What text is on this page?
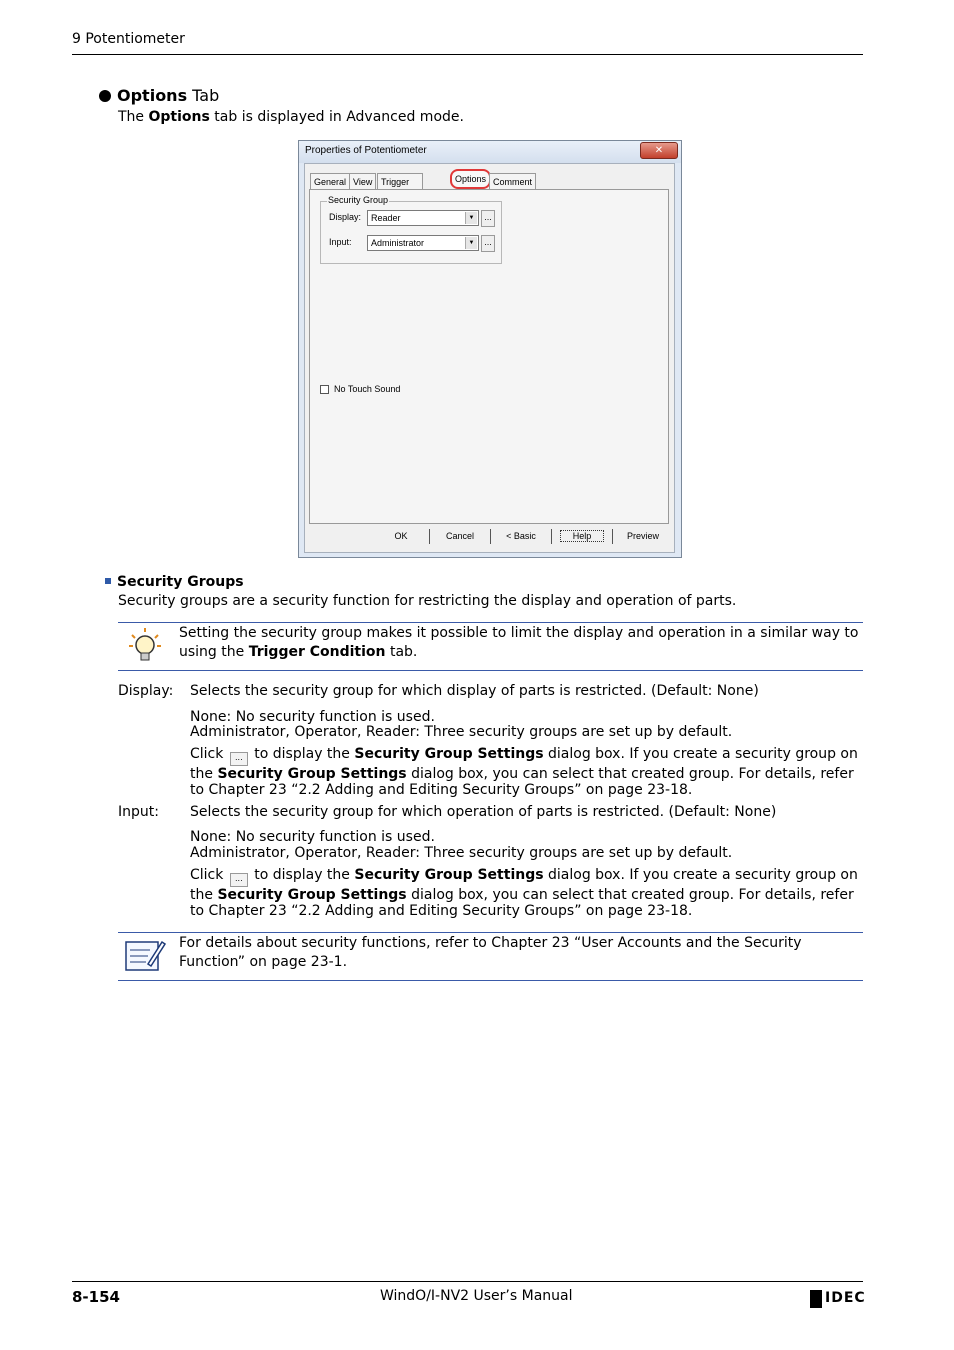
9 Potentiometer
Options Tab
The Options tab is displayed in Advanced mode.
Properties of Potentiometer	✕
General View Trigger	Options Comment
Security Group
Display:	Reader	▼	...
Input:	Administrator	▼	...
No Touch Sound
OK	Cancel	< Basic	Help	Preview
Security Groups
Security groups are a security function for restricting the display and operation of parts.
Setting the security group makes it possible to limit the display and operation in a similar way to using the Trigger Condition tab.
Display: Selects the security group for which display of parts is restricted. (Default: None)
None: No security function is used.
Administrator, Operator, Reader: Three security groups are set up by default.
Click ... to display the Security Group Settings dialog box. If you create a security group on the Security Group Settings dialog box, you can select that created group. For details, refer to Chapter 23 “2.2 Adding and Editing Security Groups” on page 23-18.
Input: Selects the security group for which operation of parts is restricted. (Default: None)
None: No security function is used.
Administrator, Operator, Reader: Three security groups are set up by default.
Click ... to display the Security Group Settings dialog box. If you create a security group on the Security Group Settings dialog box, you can select that created group. For details, refer to Chapter 23 “2.2 Adding and Editing Security Groups” on page 23-18.
For details about security functions, refer to Chapter 23 “User Accounts and the Security Function” on page 23-1.
8-154	WindO/I-NV2 User’s Manual	IDEC
